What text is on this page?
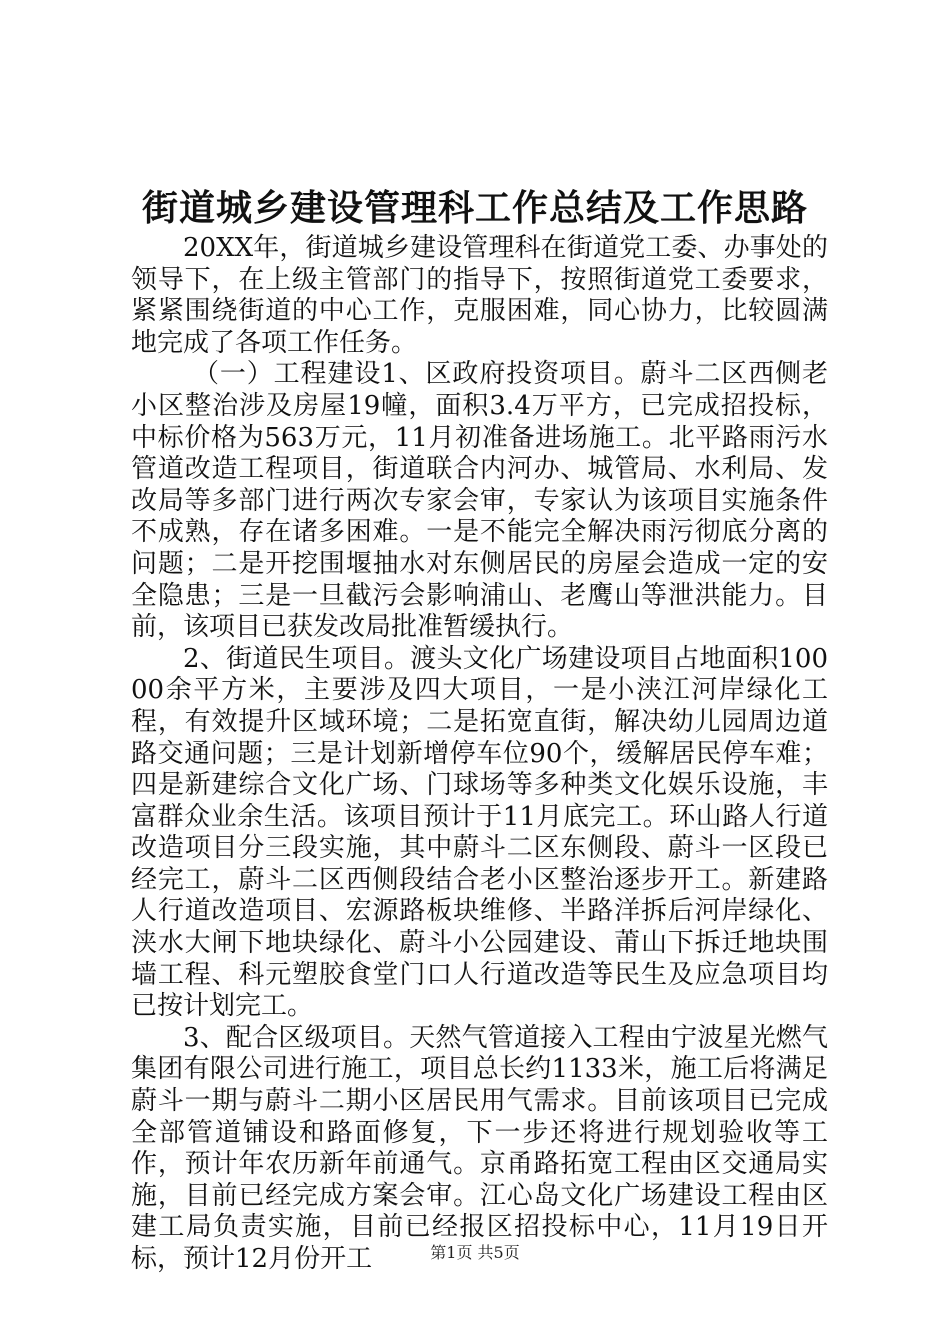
街道城乡建设管理科工作总结及工作思路

20XX年，街道城乡建设管理科在街道党工委、办事处的领导下，在上级主管部门的指导下，按照街道党工委要求，紧紧围绕街道的中心工作，克服困难，同心协力，比较圆满地完成了各项工作任务。

（一）工程建设1、区政府投资项目。蔚斗二区西侧老小区整治涉及房屋19幢，面积3.4万平方，已完成招投标，中标价格为563万元，11月初准备进场施工。北平路雨污水管道改造工程项目，街道联合内河办、城管局、水利局、发改局等多部门进行两次专家会审，专家认为该项目实施条件不成熟，存在诸多困难。一是不能完全解决雨污彻底分离的问题；二是开挖围堰抽水对东侧居民的房屋会造成一定的安全隐患；三是一旦截污会影响浦山、老鹰山等泄洪能力。目前，该项目已获发改局批准暂缓执行。

2、街道民生项目。渡头文化广场建设项目占地面积10000余平方米，主要涉及四大项目，一是小浃江河岸绿化工程，有效提升区域环境；二是拓宽直街，解决幼儿园周边道路交通问题；三是计划新增停车位90个，缓解居民停车难；四是新建综合文化广场、门球场等多种类文化娱乐设施，丰富群众业余生活。该项目预计于11月底完工。环山路人行道改造项目分三段实施，其中蔚斗二区东侧段、蔚斗一区段已经完工，蔚斗二区西侧段结合老小区整治逐步开工。新建路人行道改造项目、宏源路板块维修、半路洋拆后河岸绿化、浃水大闸下地块绿化、蔚斗小公园建设、莆山下拆迁地块围墙工程、科元塑胶食堂门口人行道改造等民生及应急项目均已按计划完工。

3、配合区级项目。天然气管道接入工程由宁波星光燃气集团有限公司进行施工，项目总长约1133米，施工后将满足蔚斗一期与蔚斗二期小区居民用气需求。目前该项目已完成全部管道铺设和路面修复，下一步还将进行规划验收等工作，预计年农历新年前通气。京甬路拓宽工程由区交通局实施，目前已经完成方案会审。江心岛文化广场建设工程由区建工局负责实施，目前已经报区招投标中心，11月19日开标，预计12月份开工	第1页 共5页
